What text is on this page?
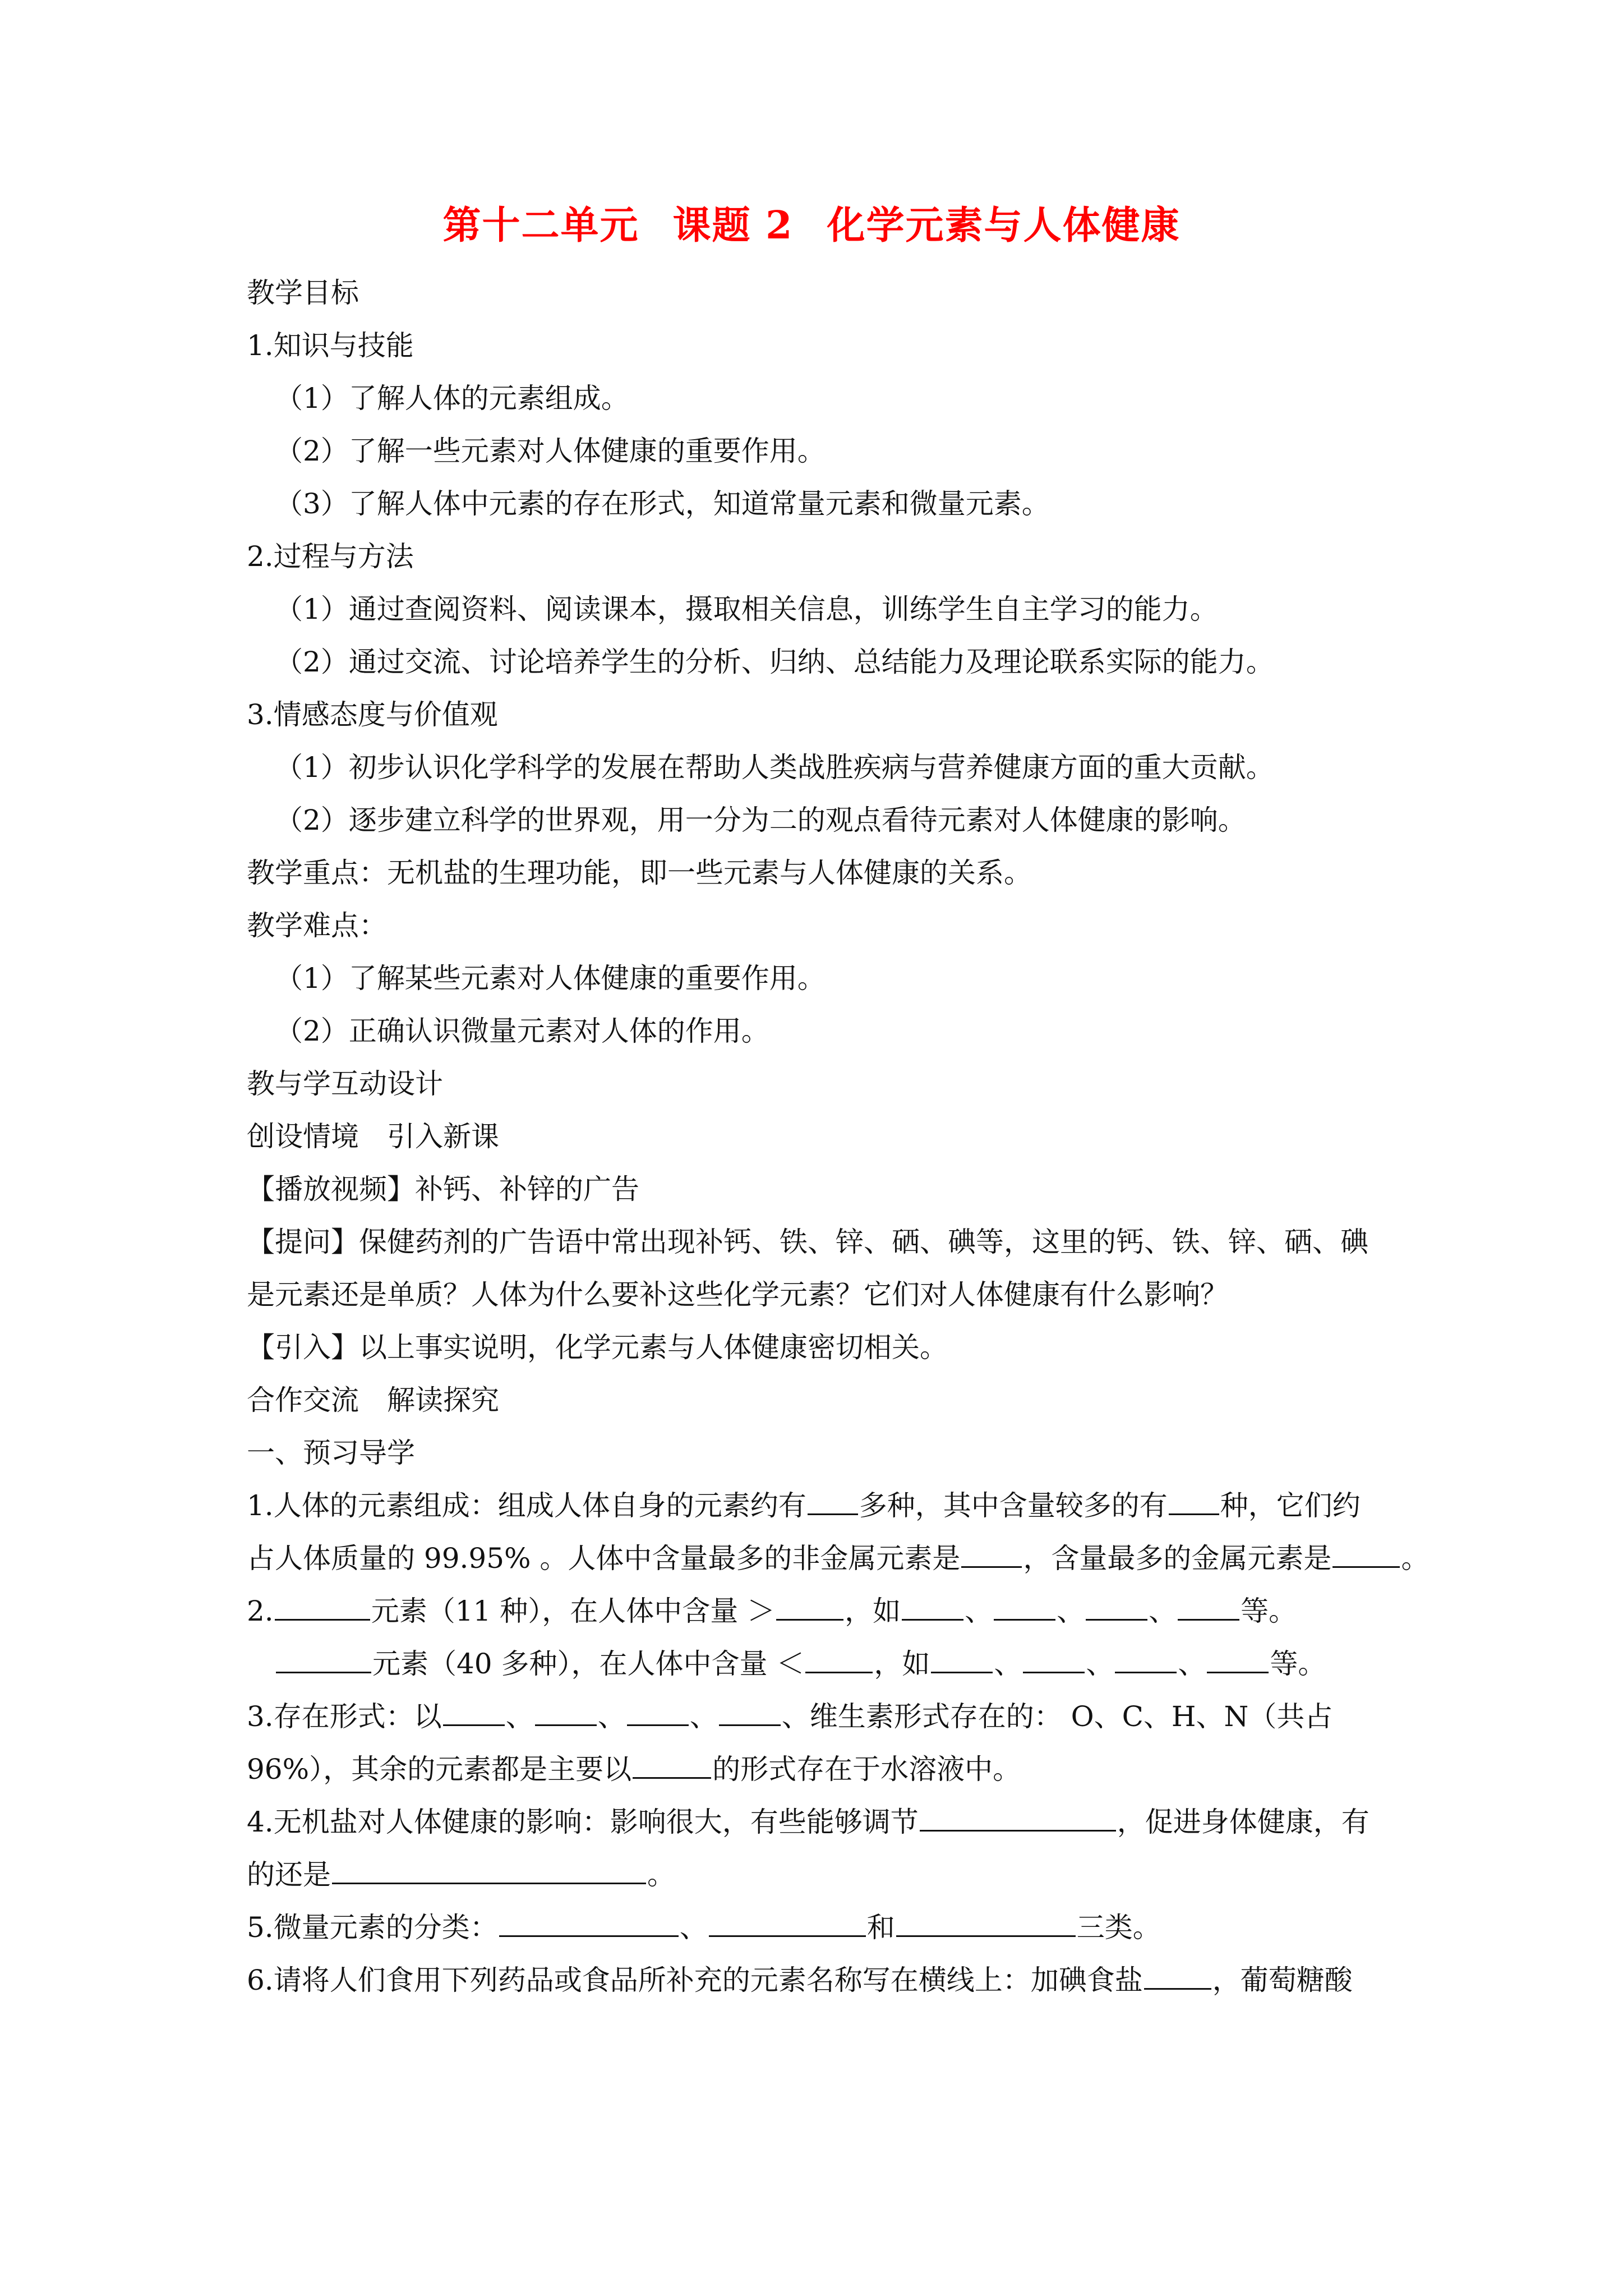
第十二单元 课题 2 化学元素与人体健康
教学目标
1.知识与技能
（1）了解人体的元素组成。
（2）了解一些元素对人体健康的重要作用。
（3）了解人体中元素的存在形式，知道常量元素和微量元素。
2.过程与方法
（1）通过查阅资料、阅读课本，摄取相关信息，训练学生自主学习的能力。
（2）通过交流、讨论培养学生的分析、归纳、总结能力及理论联系实际的能力。
3.情感态度与价值观
（1）初步认识化学科学的发展在帮助人类战胜疾病与营养健康方面的重大贡献。
（2）逐步建立科学的世界观，用一分为二的观点看待元素对人体健康的影响。
教学重点：无机盐的生理功能，即一些元素与人体健康的关系。
教学难点：
（1）了解某些元素对人体健康的重要作用。
（2）正确认识微量元素对人体的作用。
教与学互动设计
创设情境　引入新课
【播放视频】补钙、补锌的广告
【提问】保健药剂的广告语中常出现补钙、铁、锌、硒、碘等，这里的钙、铁、锌、硒、碘
是元素还是单质？人体为什么要补这些化学元素？它们对人体健康有什么影响？
【引入】以上事实说明，化学元素与人体健康密切相关。
合作交流　解读探究
一、预习导学
1.人体的元素组成：组成人体自身的元素约有 多种，其中含量较多的有 种，它们约
占人体质量的 99.95% 。人体中含量最多的非金属元素是 ，含量最多的金属元素是 。
2.	元素（11 种），在人体中含量 ＞ ，如 、 、 、 等。
元素（40 多种），在人体中含量 ＜ ，如 、 、 、 等。
3.存在形式：以 、 、 、 、维生素形式存在的： O、C、H、N（共占
96%），其余的元素都是主要以	的形式存在于水溶液中。
4.无机盐对人体健康的影响：影响很大，有些能够调节	，促进身体健康，有
的还是	。
5.微量元素的分类：	、	和	三类。
6.请将人们食用下列药品或食品所补充的元素名称写在横线上：加碘食盐 ，葡萄糖酸
